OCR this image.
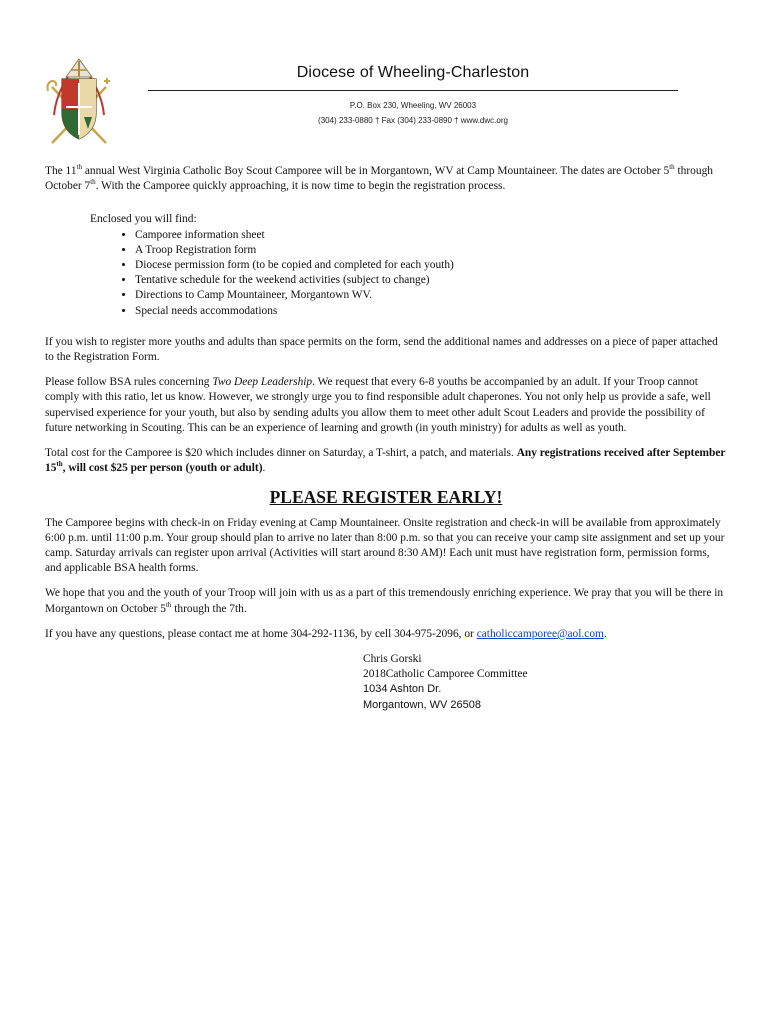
Diocese of Wheeling-Charleston
P.O. Box 230, Wheeling, WV 26003
(304) 233-0880 † Fax (304) 233-0890 † www.dwc.org

The 11th annual West Virginia Catholic Boy Scout Camporee will be in Morgantown, WV at Camp Mountaineer. The dates are October 5th through October 7th. With the Camporee quickly approaching, it is now time to begin the registration process.

Enclosed you will find:
• Camporee information sheet
• A Troop Registration form
• Diocese permission form (to be copied and completed for each youth)
• Tentative schedule for the weekend activities (subject to change)
• Directions to Camp Mountaineer, Morgantown WV.
• Special needs accommodations

If you wish to register more youths and adults than space permits on the form, send the additional names and addresses on a piece of paper attached to the Registration Form.

Please follow BSA rules concerning Two Deep Leadership. We request that every 6-8 youths be accompanied by an adult. If your Troop cannot comply with this ratio, let us know. However, we strongly urge you to find responsible adult chaperones. You not only help us provide a safe, well supervised experience for your youth, but also by sending adults you allow them to meet other adult Scout Leaders and provide the possibility of future networking in Scouting. This can be an experience of learning and growth (in youth ministry) for adults as well as youth.

Total cost for the Camporee is $20 which includes dinner on Saturday, a T-shirt, a patch, and materials. Any registrations received after September 15th, will cost $25 per person (youth or adult).

PLEASE REGISTER EARLY!

The Camporee begins with check-in on Friday evening at Camp Mountaineer. Onsite registration and check-in will be available from approximately 6:00 p.m. until 11:00 p.m. Your group should plan to arrive no later than 8:00 p.m. so that you can receive your camp site assignment and set up your camp. Saturday arrivals can register upon arrival (Activities will start around 8:30 AM)! Each unit must have registration form, permission forms, and applicable BSA health forms.

We hope that you and the youth of your Troop will join with us as a part of this tremendously enriching experience. We pray that you will be there in Morgantown on October 5th through the 7th.

If you have any questions, please contact me at home 304-292-1136, by cell 304-975-2096, or catholiccamporee@aol.com.

Chris Gorski
2018Catholic Camporee Committee
1034 Ashton Dr.
Morgantown, WV 26508
